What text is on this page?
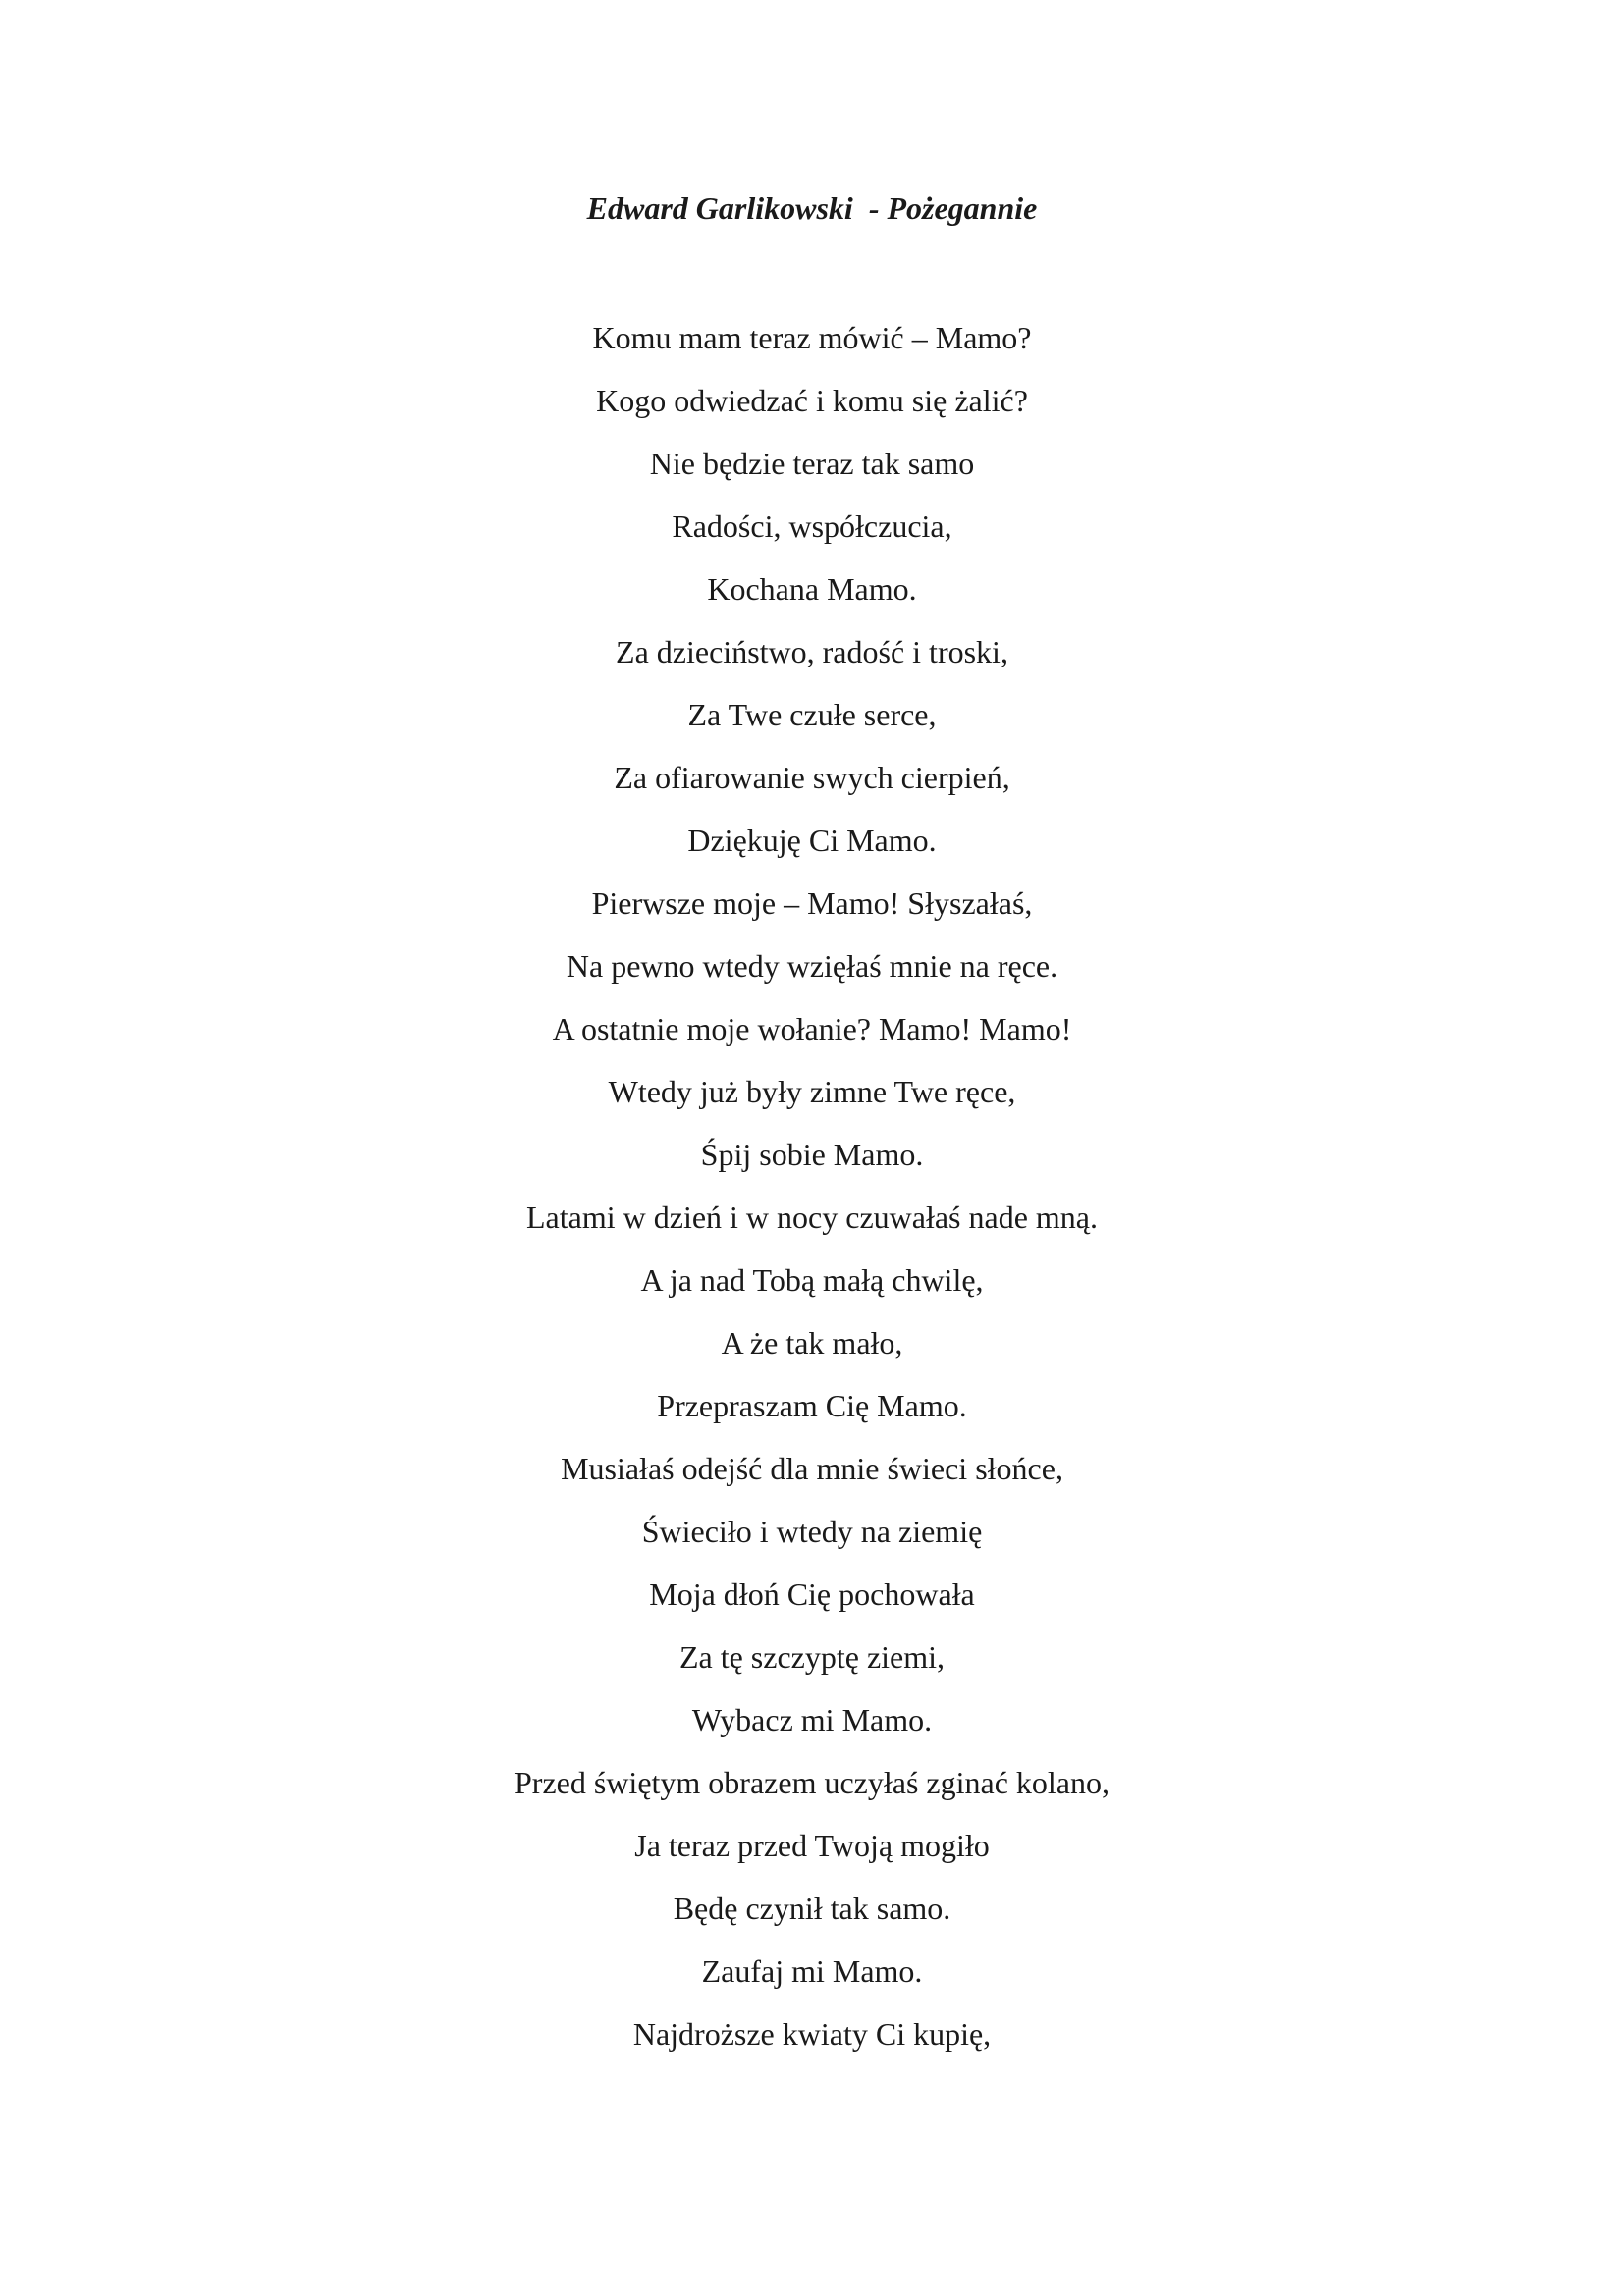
Edward Garlikowski  - Pożegannie
Komu mam teraz mówić – Mamo?
Kogo odwiedzać i komu się żalić?
Nie będzie teraz tak samo
Radości, współczucia,
Kochana Mamo.
Za dzieciństwo, radość i troski,
Za Twe czułe serce,
Za ofiarowanie swych cierpień,
Dziękuję Ci Mamo.
Pierwsze moje – Mamo! Słyszałaś,
Na pewno wtedy wzięłaś mnie na ręce.
A ostatnie moje wołanie? Mamo! Mamo!
Wtedy już były zimne Twe ręce,
Śpij sobie Mamo.
Latami w dzień i w nocy czuwałaś nade mną.
A ja nad Tobą małą chwilę,
A że tak mało,
Przepraszam Cię Mamo.
Musiałaś odejść dla mnie świeci słońce,
Świeciło i wtedy na ziemię
Moja dłoń Cię pochowała
Za tę szczyptę ziemi,
Wybacz mi Mamo.
Przed świętym obrazem uczyłaś zginać kolano,
Ja teraz przed Twoją mogiło
Będę czynił tak samo.
Zaufaj mi Mamo.
Najdroższe kwiaty Ci kupię,
